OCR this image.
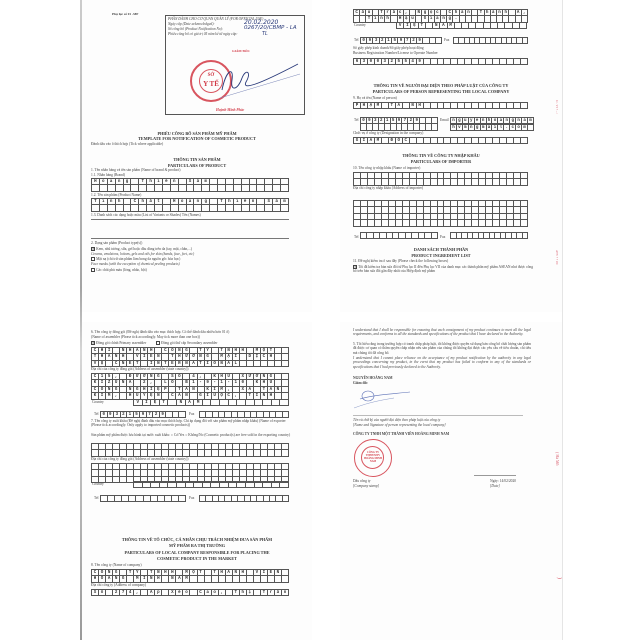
Phụ lục số 01 -MP
PHẦN DÀNH CHO CƠ QUAN QUẢN LÝ (FOR OFFICIAL USE)
Ngày cấp (Date acknowledged):	20.02.2020
Số công bố (Product Notification No):	0267/20/CBMP - LA
Phiếu công bố có giá trị 05 năm kể từ ngày cấp:	TL
GIÁM ĐỐC
SỞ
Y TẾ
Huỳnh Minh Phúc
PHIẾU CÔNG BỐ SẢN PHẨM MỸ PHẨM
TEMPLATE FOR NOTIFICATION OF COSMETIC PRODUCT
Đánh dấu vào ô thích hợp (Tick where applicable)
THÔNG TIN SẢN PHẨM
PARTICULARS OF PRODUCT
1. Tên nhãn hàng và tên sản phẩm (Name of brand & product)
1.1. Nhãn hàng (Brand)
H	o	a	n	g	T	h	i	ê	n	S	â	m
1.2. Tên sản phẩm (Product Name)
T	i	n	h	C	h	ấ	t	H	o	à	n	g	T	h	i	ê	n	S	â	m
1.3. Danh sách các dạng hoặc màu (List of Variants or Shades) Tên (Names)
2. Dạng sản phẩm (Product type(s))
✕ Kem, nhũ tương, sữa, gel hoặc dầu dùng trên da (tay, mặt, chân,...)
Creams, emulsions, lotions, gels and oils for skin (hands, face, feet, etc)
Mặt nạ (chỉ trừ sản phẩm làm bong da nguồn gốc hóa học)
Face masks (with the exception of chemical peeling products)
Các chất phủ màu (lỏng, nhão, bột)
C ầ u	T r ắ c ,	N g ọ c	C h á n	T h à n h	A ,
T ỉ n h	H ậ u	G i a n g .
Country	V	I	Ệ	T	N	A	M
Tel 0 9 3 2 1 5 9 7 2 9	Fax
Số giấy phép kinh doanh/Số giấy phép hoạt động
Business Registration Number/License to Operate Number
6	3	0	0	3	2	5	5	4	9
THÔNG TIN VỀ NGƯỜI ĐẠI DIỆN THEO PHÁP LUẬT CỦA CÔNG TY
PARTICULARS OF PERSON REPRESENTING THE LOCAL COMPANY
9. Họ và tên (Name of person)
P	H	Ạ	M	T	Á	N	H
Tel 0 9 3 2 1 5 9 7 2 9	Email n g u y e n h o a n g n a m
h v m n g m a i l . c o m
Chức vụ ở công ty (Designation in the company)
G	I	Á	M	Đ	Ố	C
THÔNG TIN VỀ CÔNG TY NHẬP KHẨU
PARTICULARS OF IMPORTER
10. Tên công ty nhập khẩu (Name of importer)
Địa chỉ công ty nhập khẩu (Address of importer)
Tel	Fax
DANH SÁCH THÀNH PHẦN
PRODUCT INGREDIENT LIST
11. Đề nghị kiểm tra ô sau đây (Please check the following boxes)
✕ Tôi đã kiểm tra bản sửa đổi từ Phụ lục II đến Phụ lục VII của danh mục các thành phần mỹ phẩm ASEAN như được công bố trên bản sửa đổi gần đây nhất của Hiệp định mỹ phẩm
C/. VI • .../
ATV • • UI/
6. Tên công ty đóng gói (Đề nghị đánh dấu vào mục thích hợp. Có thể đánh dấu nhiều hơn 01 ô)
(Name of assembler (Please tick accordingly. May tick more than one box))
✕ Đóng gói chính Primary assembler	Đóng gói thứ cấp Secondary assembler
C	H	I	N	H	Á	N	H	C	Ô	N	G	T	Y	T	N	H	H	M	Ộ	T
T	H	À	N	H	V	I	Ê	N	T	H	Ư	Ơ	N	G	M	Ạ	I	D	Ị	C	H
V	Ụ	C	N	E	T	I	N	T	E	R	N	A	T	I	O	N	A	L
Địa chỉ của công ty đóng gói (Address of assembler (state country))
C	1	5	,	Đ	Ư	Ờ	N	G	S	Ố	4	,	K	H	U	X	Ư	Ở	N	G
K	I	Z	U	N	A	2	,	L	Ô	B	1	-	9	-	1	-	1	0	K	H	U
C	Ô	N	G	N	G	H	I	Ệ	P	T	Â	N	K	I	M	,	X	Ã	T	Â	N
K	I	M	,	H	U	Y	Ệ	N	C	Ầ	N	G	I	U	Ộ	C	,	T	Ỉ	N	H
Country	V	I	Ệ	T	N	A	M
Tel 0 9 3 2 1 5 9 7 2 9	Fax
7. Tên công ty xuất khẩu (Đề nghị đánh dấu vào mục thích hợp. Chỉ áp dụng đối với sản phẩm mỹ phẩm nhập khẩu) (Name of exporter (Please tick accordingly. Only apply to imported cosmetic products))
Sản phẩm mỹ phẩm được lưu hành tại nước xuất khẩu: ○ Có/Yes ○ Không/No (Cosmetic product(s) are free sold in the exporting country)
Địa chỉ của công ty đóng gói (Address of assembler (state country))
Country
Tel	Fax
THÔNG TIN VỀ TỔ CHỨC, CÁ NHÂN CHỊU TRÁCH NHIỆM ĐƯA SẢN PHẨM
MỸ PHẨM RA THỊ TRƯỜNG
PARTICULARS OF LOCAL COMPANY RESPONSIBLE FOR PLACING THE
COSMETIC PRODUCT IN THE MARKET
8. Tên công ty (Name of company)
C	Ô	N	G	T	Y	T	N	H	H	M	Ộ	T	T	H	À	N	H	V	I	Ê	N
H	O	À	N	G	M	I	N	H	N	A	M
Địa chỉ công ty (Address of company)
S	ố	2	7	4	,	Ấ	p	X	ẻ	o	C	a	o	,	T	h	ị	T	r	ấ	n
I understand that I shall be responsible for ensuring that each consignment of my product continues to meet all the legal requirements, and conforms to all the standards and specifications of the product that I have declared to the Authority.
5. Tôi hiểu rằng trong trường hợp có tranh chấp pháp luật, tôi không được quyền sử dụng bản công bố chất lượng sản phẩm đã được cơ quan có thẩm quyền chấp nhận nếu sản phẩm của chúng tôi không đạt được các yêu cầu về tiêu chuẩn, chỉ tiêu mà chúng tôi đã công bố.
I understand that I cannot place reliance on the acceptance of my product notification by the authority in any legal proceedings concerning my product, in the event that my product has failed to conform to any of the standards or specifications that I had previously declared to the Authority.
NGUYỄN HOÀNG NAM
Giám đốc
Tên và chữ ký của người đại diện theo pháp luật của công ty
[Name and Signature of person representing the local company]
CÔNG TY TNHH MỘT THÀNH VIÊN HOÀNG MINH NAM
CÔNG TY TNHH MTV HOÀNG MINH NAM
Dấu công ty
[Company stamp]
Ngày: 14/02/2020
[Date]
( Hà Mô
)
